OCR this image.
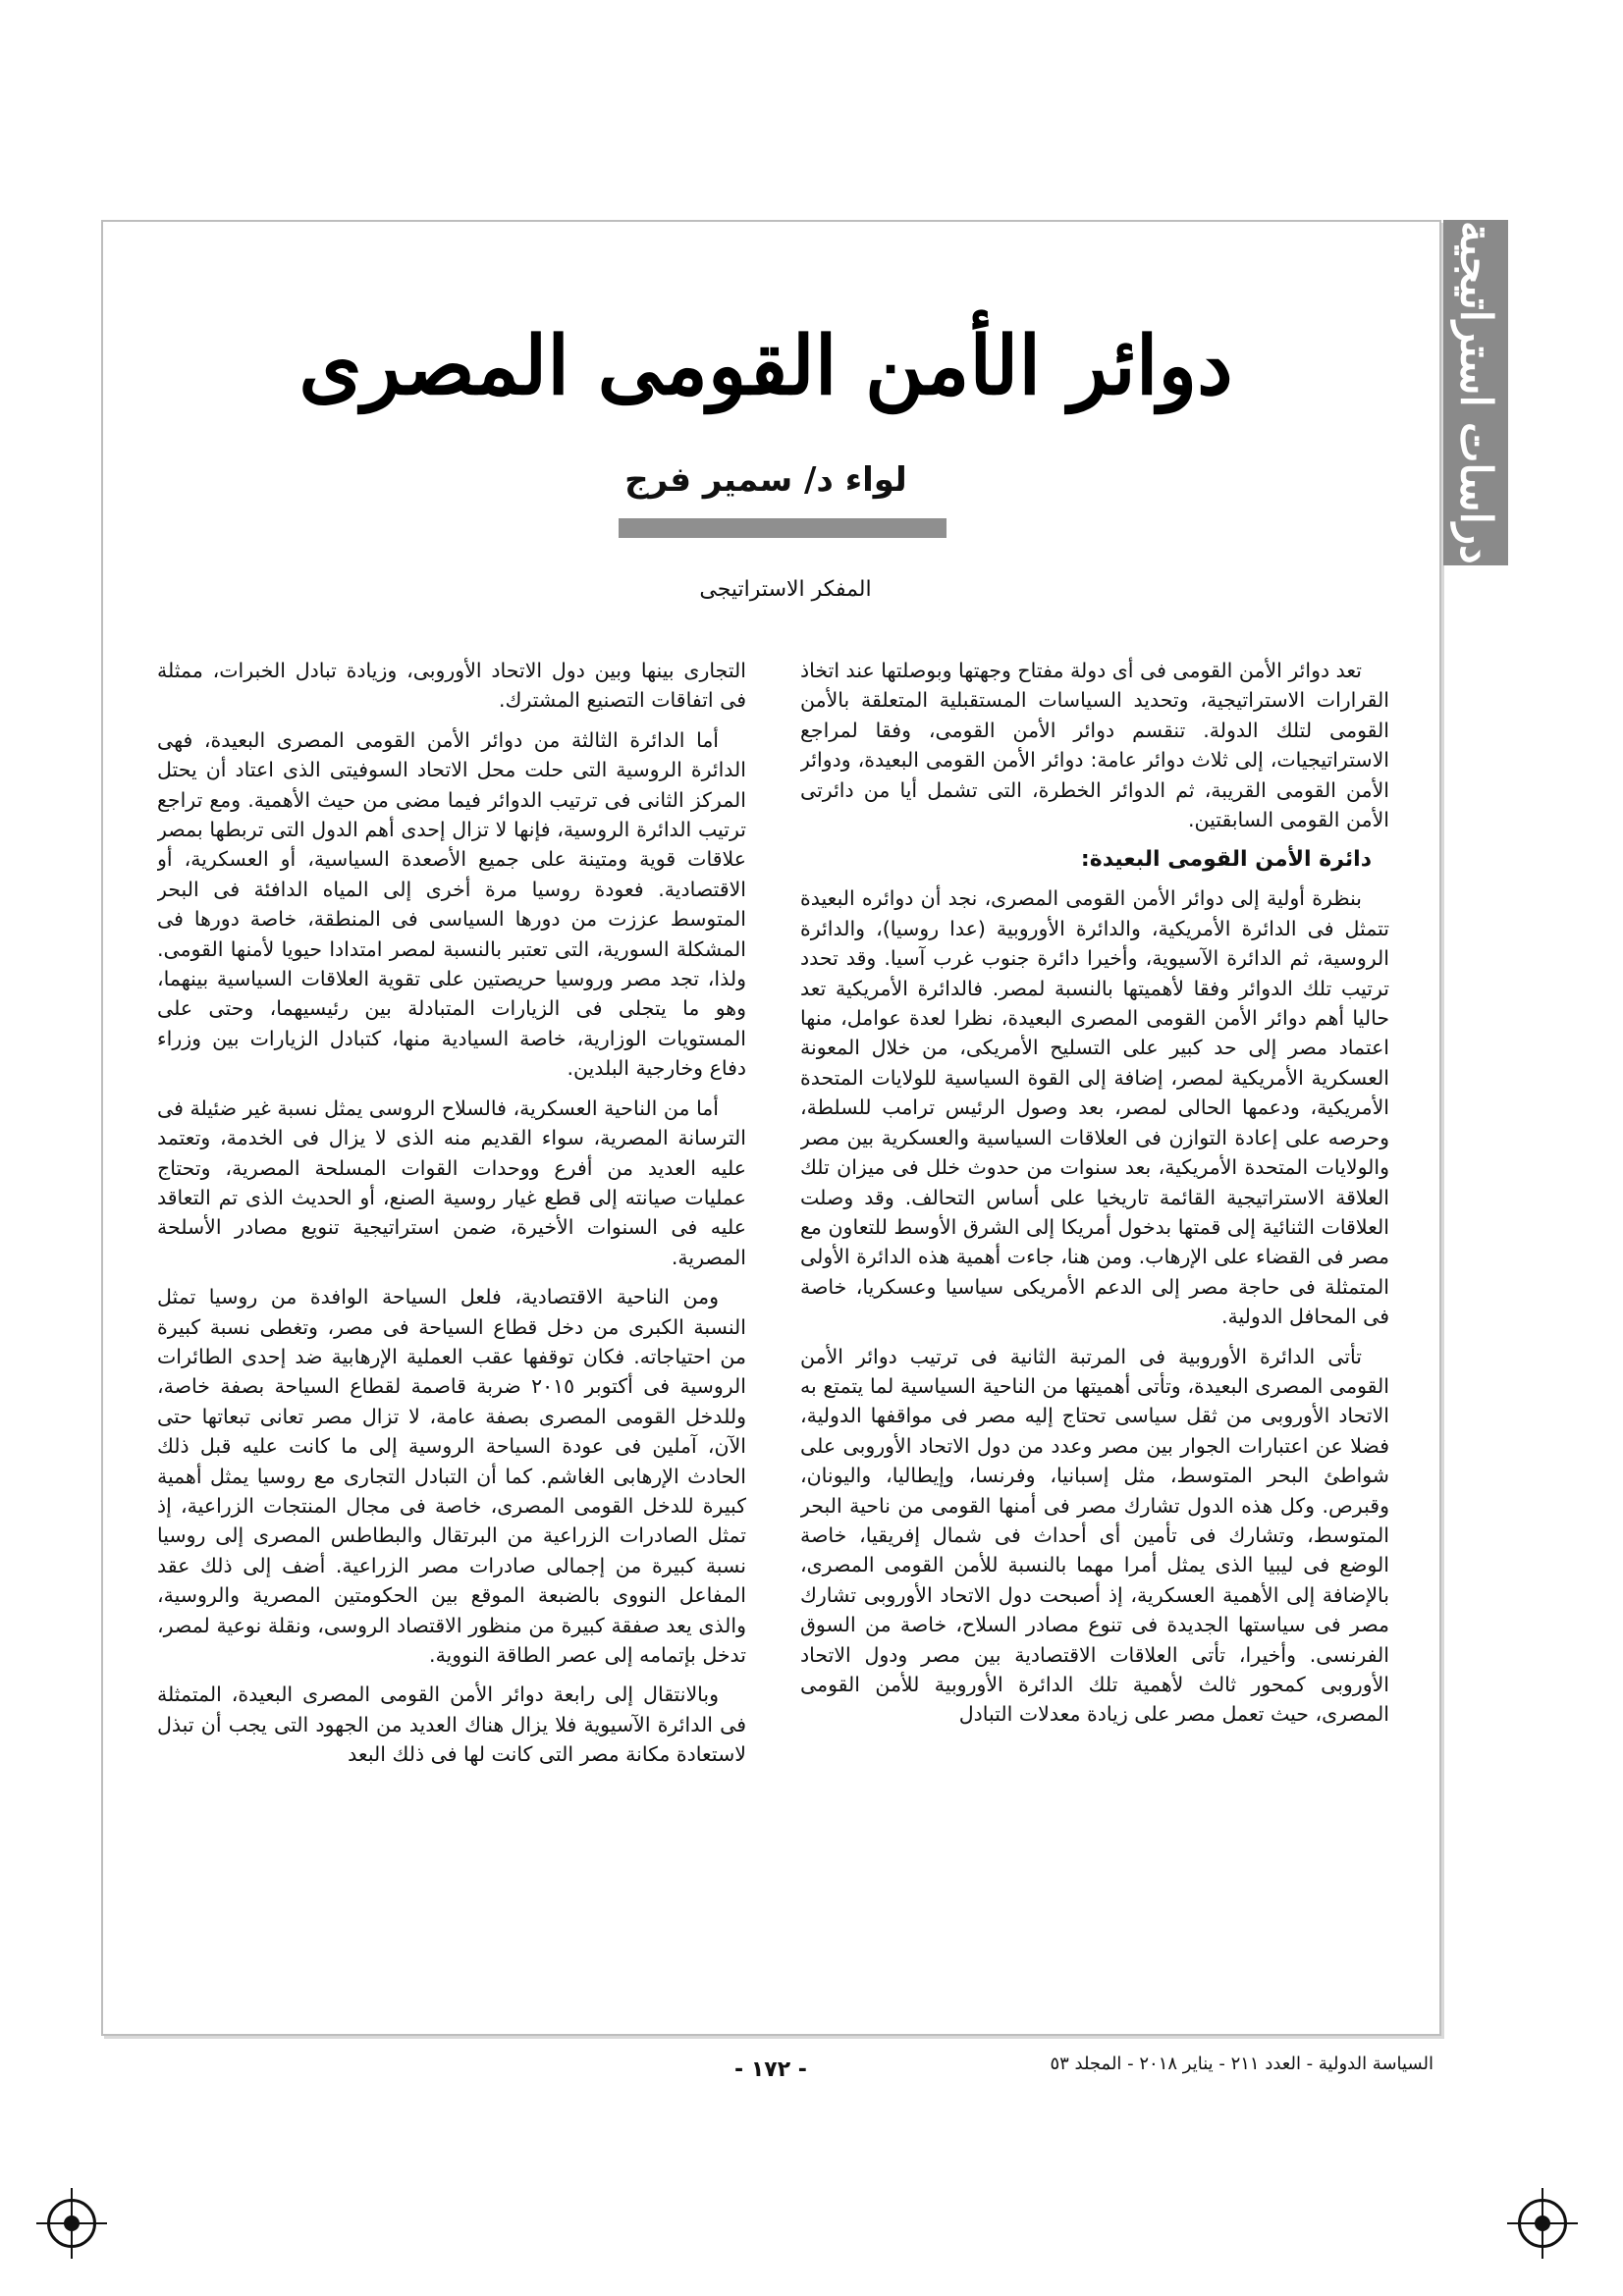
دراسات استراتيجية
دوائر الأمن القومى المصرى
لواء د/ سمير فرج
المفكر الاستراتيجى

تعد دوائر الأمن القومى فى أى دولة مفتاح وجهتها وبوصلتها عند اتخاذ القرارات الاستراتيجية، وتحديد السياسات المستقبلية المتعلقة بالأمن القومى لتلك الدولة. تنقسم دوائر الأمن القومى، وفقا لمراجع الاستراتيجيات، إلى ثلاث دوائر عامة: دوائر الأمن القومى البعيدة، ودوائر الأمن القومى القريبة، ثم الدوائر الخطرة، التى تشمل أيا من دائرتى الأمن القومى السابقتين.

دائرة الأمن القومى البعيدة:

بنظرة أولية إلى دوائر الأمن القومى المصرى، نجد أن دوائره البعيدة تتمثل فى الدائرة الأمريكية، والدائرة الأوروبية (عدا روسيا)، والدائرة الروسية، ثم الدائرة الآسيوية، وأخيرا دائرة جنوب غرب آسيا. وقد تحدد ترتيب تلك الدوائر وفقا لأهميتها بالنسبة لمصر. فالدائرة الأمريكية تعد حاليا أهم دوائر الأمن القومى المصرى البعيدة، نظرا لعدة عوامل، منها اعتماد مصر إلى حد كبير على التسليح الأمريكى، من خلال المعونة العسكرية الأمريكية لمصر، إضافة إلى القوة السياسية للولايات المتحدة الأمريكية، ودعمها الحالى لمصر، بعد وصول الرئيس ترامب للسلطة، وحرصه على إعادة التوازن فى العلاقات السياسية والعسكرية بين مصر والولايات المتحدة الأمريكية، بعد سنوات من حدوث خلل فى ميزان تلك العلاقة الاستراتيجية القائمة تاريخيا على أساس التحالف. وقد وصلت العلاقات الثنائية إلى قمتها بدخول أمريكا إلى الشرق الأوسط للتعاون مع مصر فى القضاء على الإرهاب. ومن هنا، جاءت أهمية هذه الدائرة الأولى المتمثلة فى حاجة مصر إلى الدعم الأمريكى سياسيا وعسكريا، خاصة فى المحافل الدولية.

تأتى الدائرة الأوروبية فى المرتبة الثانية فى ترتيب دوائر الأمن القومى المصرى البعيدة، وتأتى أهميتها من الناحية السياسية لما يتمتع به الاتحاد الأوروبى من ثقل سياسى تحتاج إليه مصر فى مواقفها الدولية، فضلا عن اعتبارات الجوار بين مصر وعدد من دول الاتحاد الأوروبى على شواطئ البحر المتوسط، مثل إسبانيا، وفرنسا، وإيطاليا، واليونان، وقبرص. وكل هذه الدول تشارك مصر فى أمنها القومى من ناحية البحر المتوسط، وتشارك فى تأمين أى أحداث فى شمال إفريقيا، خاصة الوضع فى ليبيا الذى يمثل أمرا مهما بالنسبة للأمن القومى المصرى، بالإضافة إلى الأهمية العسكرية، إذ أصبحت دول الاتحاد الأوروبى تشارك مصر فى سياستها الجديدة فى تنوع مصادر السلاح، خاصة من السوق الفرنسى. وأخيرا، تأتى العلاقات الاقتصادية بين مصر ودول الاتحاد الأوروبى كمحور ثالث لأهمية تلك الدائرة الأوروبية للأمن القومى المصرى، حيث تعمل مصر على زيادة معدلات التبادل

التجارى بينها وبين دول الاتحاد الأوروبى، وزيادة تبادل الخبرات، ممثلة فى اتفاقات التصنيع المشترك.

أما الدائرة الثالثة من دوائر الأمن القومى المصرى البعيدة، فهى الدائرة الروسية التى حلت محل الاتحاد السوفيتى الذى اعتاد أن يحتل المركز الثانى فى ترتيب الدوائر فيما مضى من حيث الأهمية. ومع تراجع ترتيب الدائرة الروسية، فإنها لا تزال إحدى أهم الدول التى تربطها بمصر علاقات قوية ومتينة على جميع الأصعدة السياسية، أو العسكرية، أو الاقتصادية. فعودة روسيا مرة أخرى إلى المياه الدافئة فى البحر المتوسط عززت من دورها السياسى فى المنطقة، خاصة دورها فى المشكلة السورية، التى تعتبر بالنسبة لمصر امتدادا حيويا لأمنها القومى. ولذا، تجد مصر وروسيا حريصتين على تقوية العلاقات السياسية بينهما، وهو ما يتجلى فى الزيارات المتبادلة بين رئيسيهما، وحتى على المستويات الوزارية، خاصة السيادية منها، كتبادل الزيارات بين وزراء دفاع وخارجية البلدين.

أما من الناحية العسكرية، فالسلاح الروسى يمثل نسبة غير ضئيلة فى الترسانة المصرية، سواء القديم منه الذى لا يزال فى الخدمة، وتعتمد عليه العديد من أفرع ووحدات القوات المسلحة المصرية، وتحتاج عمليات صيانته إلى قطع غيار روسية الصنع، أو الحديث الذى تم التعاقد عليه فى السنوات الأخيرة، ضمن استراتيجية تنويع مصادر الأسلحة المصرية.

ومن الناحية الاقتصادية، فلعل السياحة الوافدة من روسيا تمثل النسبة الكبرى من دخل قطاع السياحة فى مصر، وتغطى نسبة كبيرة من احتياجاته. فكان توقفها عقب العملية الإرهابية ضد إحدى الطائرات الروسية فى أكتوبر ٢٠١٥ ضربة قاصمة لقطاع السياحة بصفة خاصة، وللدخل القومى المصرى بصفة عامة، لا تزال مصر تعانى تبعاتها حتى الآن، آملين فى عودة السياحة الروسية إلى ما كانت عليه قبل ذلك الحادث الإرهابى الغاشم. كما أن التبادل التجارى مع روسيا يمثل أهمية كبيرة للدخل القومى المصرى، خاصة فى مجال المنتجات الزراعية، إذ تمثل الصادرات الزراعية من البرتقال والبطاطس المصرى إلى روسيا نسبة كبيرة من إجمالى صادرات مصر الزراعية. أضف إلى ذلك عقد المفاعل النووى بالضبعة الموقع بين الحكومتين المصرية والروسية، والذى يعد صفقة كبيرة من منظور الاقتصاد الروسى، ونقلة نوعية لمصر، تدخل بإتمامه إلى عصر الطاقة النووية.

وبالانتقال إلى رابعة دوائر الأمن القومى المصرى البعيدة، المتمثلة فى الدائرة الآسيوية فلا يزال هناك العديد من الجهود التى يجب أن تبذل لاستعادة مكانة مصر التى كانت لها فى ذلك البعد

- ١٧٢ -	السياسة الدولية - العدد ٢١١ - يناير ٢٠١٨ - المجلد ٥٣
